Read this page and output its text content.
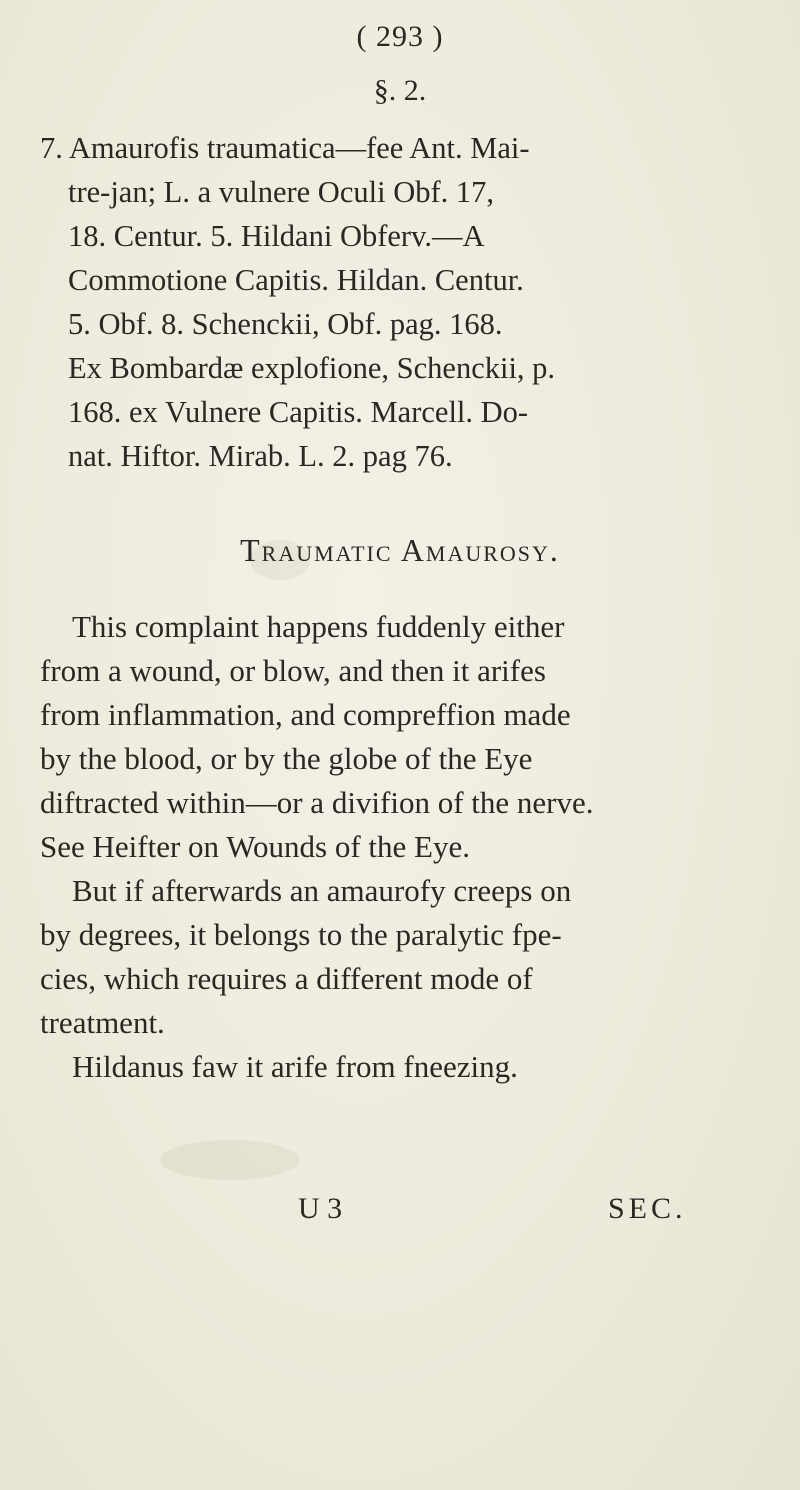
( 293 )
§. 2.
7. Amaurofis traumatica—fee Ant. Mai-
tre-jan; L. a vulnere Oculi Obf. 17,
18. Centur. 5. Hildani Obferv.—A
Commotione Capitis. Hildan. Centur.
5. Obf. 8. Schenckii, Obf. pag. 168.
Ex Bombardæ explofione, Schenckii, p.
168. ex Vulnere Capitis. Marcell. Do-
nat. Hiftor. Mirab. L. 2. pag 76.
Traumatic Amaurosy.
This complaint happens fuddenly either
from a wound, or blow, and then it arifes
from inflammation, and compreffion made
by the blood, or by the globe of the Eye
diftracted within—or a divifion of the nerve.
See Heifter on Wounds of the Eye.
But if afterwards an amaurofy creeps on
by degrees, it belongs to the paralytic fpe-
cies, which requires a different mode of
treatment.
Hildanus faw it arife from fneezing.
U 3	SEC.
